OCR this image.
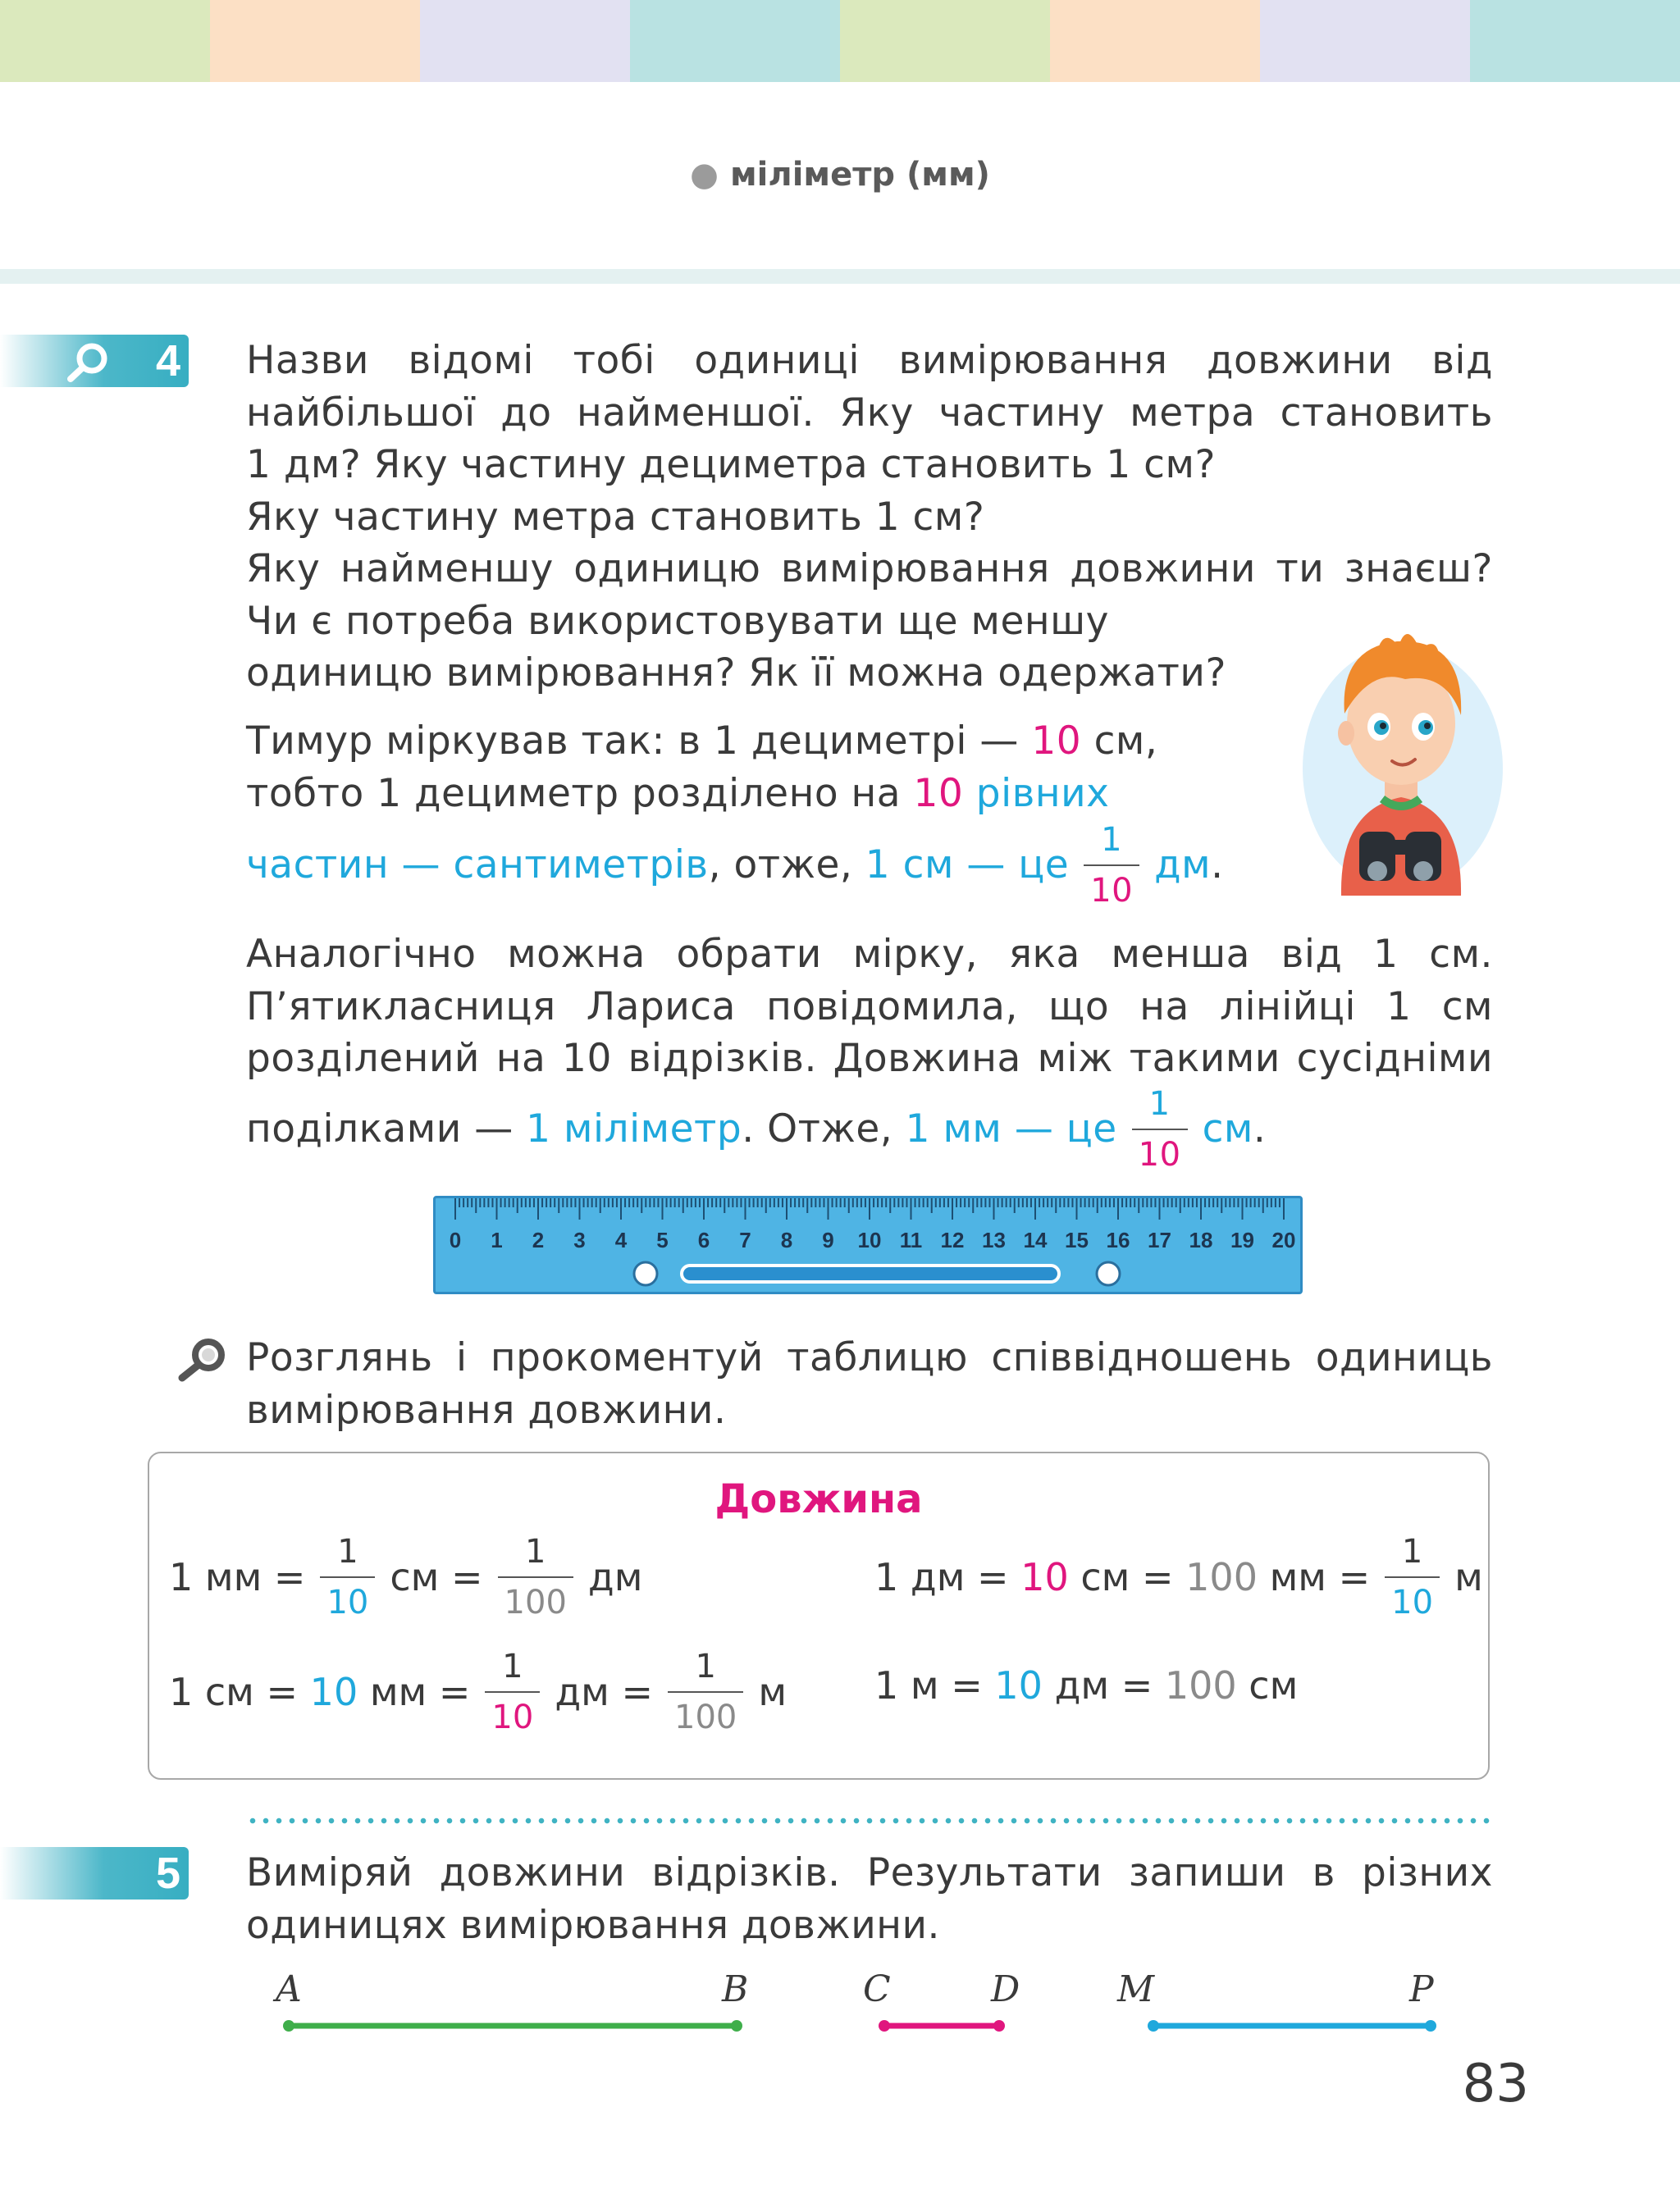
● міліметр (мм)
4 Назви відомі тобі одиниці вимірювання довжини від
найбільшої до найменшої. Яку частину метра становить
1 дм? Яку частину дециметра становить 1 см?
Яку частину метра становить 1 см?
Яку найменшу одиницю вимірювання довжини ти знаєш?
Чи є потреба використовувати ще меншу
одиницю вимірювання? Як її можна одержати?
Тимур міркував так: в 1 дециметрі — 10 см,
тобто 1 дециметр розділено на 10 рівних
частин — сантиметрів , отже,
1 см — це $\frac{1}{10}$ дм .
Аналогічно можна обрати мірку, яка менша від 1 см.
П’ятикласниця Лариса повідомила, що на лінійці 1 см
розділений на 10 відрізків. Довжина між такими сусідніми
поділками —
1 міліметр . Отже,
1 мм — це $\frac{1}{10}$ см .
0	1	2	3	4	5	6	7	8	9	10 11 12 13 14 15 16 17 18 19 20
Розглянь і прокоментуй таблицю співвідношень одиниць
вимірювання довжини.
Довжина
1 мм = $\frac{1}{10}$ см = $\frac{1}{100}$ дм
1 см =
10
мм = $\frac{1}{10}$ дм = $\frac{1}{100}$ м
1 дм =
10
см =
100
мм = $\frac{1}{10}$ м
1 м =
10
дм =
100
см
5 Виміряй довжини відрізків. Результати запиши в різних
одиницях вимірювання довжини.
A	B	C	D	M	P
83
